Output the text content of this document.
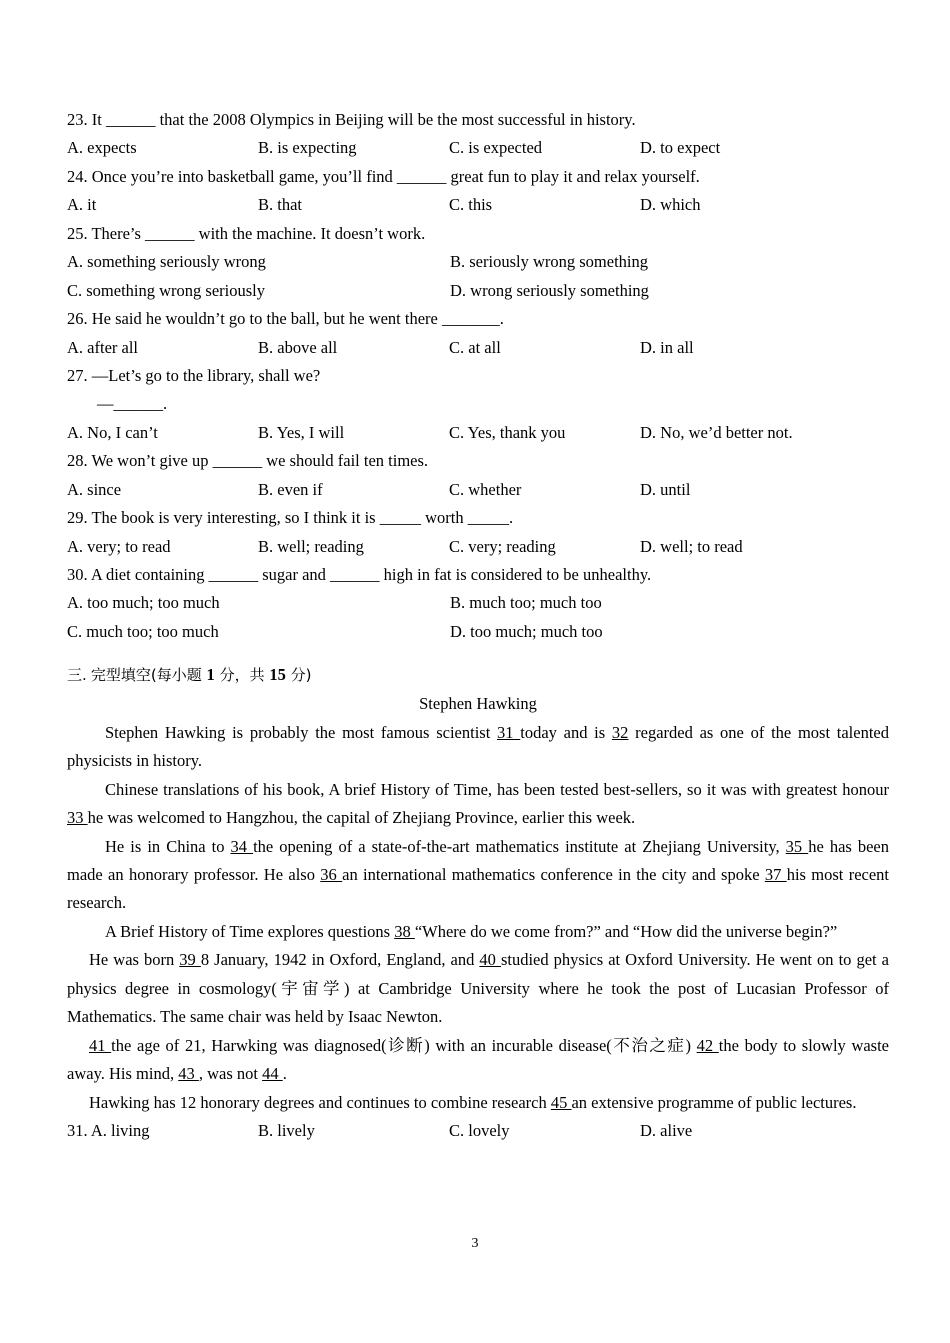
23. It ______ that the 2008 Olympics in Beijing will be the most successful in history.
A. expects	B. is expecting	C. is expected	D. to expect
24. Once you’re into basketball game, you’ll find ______ great fun to play it and relax yourself.
A. it	B. that	C. this	D. which
25. There’s ______ with the machine. It doesn’t work.
A. something seriously wrong	B. seriously wrong something
C. something wrong seriously	D. wrong seriously something
26. He said he wouldn’t go to the ball, but he went there _______.
A. after all	B. above all	C. at all	D. in all
27. —Let’s go to the library, shall we?
—______.
A. No, I can’t	B. Yes, I will	C. Yes, thank you	D. No, we’d better not.
28. We won’t give up ______ we should fail ten times.
A. since	B. even if	C. whether	D. until
29. The book is very interesting, so I think it is _____ worth _____.
A. very; to read	B. well; reading	C. very; reading	D. well; to read
30. A diet containing ______ sugar and ______ high in fat is considered to be unhealthy.
A. too much; too much	B. much too; much too
C. much too; too much	D. too much; much too
三. 完型填空(每小题 1 分，共 15 分)
Stephen Hawking
Stephen Hawking is probably the most famous scientist 31 today and is 32 regarded as one of the most talented physicists in history.
Chinese translations of his book, A brief History of Time, has been tested best-sellers, so it was with greatest honour 33 he was welcomed to Hangzhou, the capital of Zhejiang Province, earlier this week.
He is in China to 34 the opening of a state-of-the-art mathematics institute at Zhejiang University, 35 he has been made an honorary professor. He also 36 an international mathematics conference in the city and spoke 37 his most recent research.
A Brief History of Time explores questions 38 “Where do we come from?” and “How did the universe begin?”
He was born 39 8 January, 1942 in Oxford, England, and 40 studied physics at Oxford University. He went on to get a physics degree in cosmology(宇宙学) at Cambridge University where he took the post of Lucasian Professor of Mathematics. The same chair was held by Isaac Newton.
41 the age of 21, Harwking was diagnosed(诊断) with an incurable disease(不治之症) 42 the body to slowly waste away. His mind, 43 , was not 44 .
Hawking has 12 honorary degrees and continues to combine research 45 an extensive programme of public lectures.
31. A. living	B. lively	C. lovely	D. alive
3
